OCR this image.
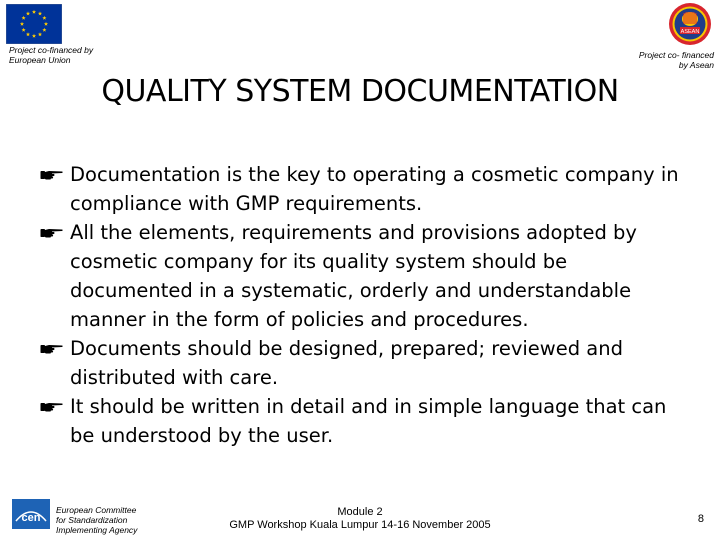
Project co-financed by
European Union
ASEAN
Project co- financed
by Asean
QUALITY SYSTEM DOCUMENTATION
Documentation is the key to operating a cosmetic company in compliance with GMP requirements.
All the elements, requirements and provisions adopted by cosmetic company for its quality system should be documented in a systematic, orderly and understandable manner in the form of policies and procedures.
Documents should be designed, prepared; reviewed and distributed with care.
It should be written in detail and in simple language that can be understood by the user.
cen
European Committee
for Standardization
Implementing Agency
Module 2
GMP Workshop Kuala Lumpur 14-16 November 2005	8
